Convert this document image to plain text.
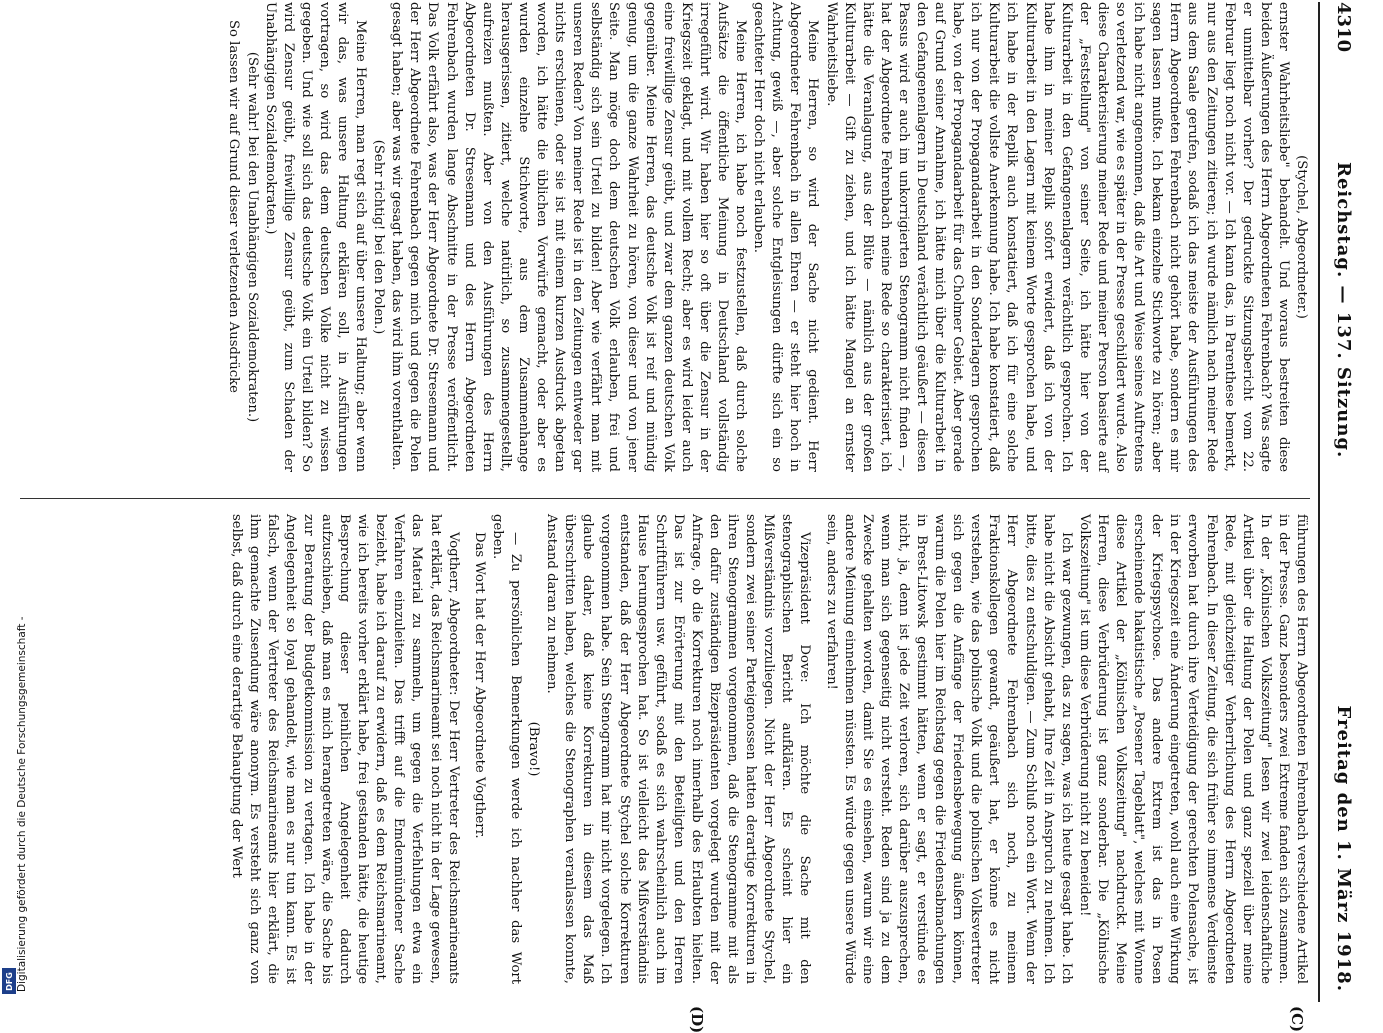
4310
Reichstag. — 137. Sitzung.
Freitag den 1. März 1918.
(C)
(D)

(Stychel, Abgeordneter.)

ernster Wahrheitsliebe" behandelt. Und woraus bestreiten diese beiden Äußerungen des Herrn Abgeordneten Fehrenbach? Was sagte er unmittelbar vorher? Der gedruckte Sitzungsbericht vom 22. Februar liegt noch nicht vor. — Ich kann das, in Parenthese bemerkt, nur aus den Zeitungen zitieren; ich wurde nämlich nach meiner Rede aus dem Saale gerufen, sodaß ich das meiste der Ausführungen des Herrn Abgeordneten Fehrenbach nicht gehört habe, sondern es mir sagen lassen mußte. Ich bekam einzelne Stichworte zu hören; aber ich habe nicht angenommen, daß die Art und Weise seines Auftretens so verletzend war, wie es später in der Presse geschildert wurde. Also diese Charakterisierung meiner Rede und meiner Person basierte auf der „Feststellung" von seiner Seite, ich hätte hier von der Kulturarbeit in den Gefangenenlagern verächtlich gesprochen. Ich habe ihm in meiner Replik sofort erwidert, daß ich von der Kulturarbeit in den Lagern mit keinem Worte gesprochen habe, und ich habe in der Replik auch konstatiert, daß ich für eine solche Kulturarbeit die vollste Anerkennung habe. Ich habe konstatiert, daß ich nur von der Propagandaarbeit in den Sonderlagern gesprochen habe, von der Propagandaarbeit für das Cholmer Gebiet. Aber gerade auf Grund seiner Annahme, ich hätte mich über die Kulturarbeit in den Gefangenenlagern in Deutschland verächtlich geäußert — diesen Passus wird er auch im unkorrigierten Stenogramm nicht finden —, hat der Abgeordnete Fehrenbach meine Rede so charakterisiert, ich hätte die Veranlagung, aus der Blüte — nämlich aus der großen Kulturarbeit — Gift zu ziehen, und ich hätte Mangel an ernster Wahrheitsliebe.

Meine Herren, so wird der Sache nicht gedient. Herr Abgeordneter Fehrenbach in allen Ehren — er steht hier hoch in Achtung, gewiß —, aber solche Entgleisungen dürfte sich ein so geachteter Herr doch nicht erlauben.

Meine Herren, ich habe noch festzustellen, daß durch solche Aufsätze die öffentliche Meinung in Deutschland vollständig irregeführt wird. Wir haben hier so oft über die Zensur in der Kriegszeit geklagt, und mit vollem Recht; aber es wird leider auch eine freiwillige Zensur geübt, und zwar dem ganzen deutschen Volk gegenüber. Meine Herren, das deutsche Volk ist reif und mündig genug, um die ganze Wahrheit zu hören, von dieser und von jener Seite. Man möge doch dem deutschen Volk erlauben, frei und selbständig sich sein Urteil zu bilden! Aber wie verfährt man mit unseren Reden? Von meiner Rede ist in den Zeitungen entweder gar nichts erschienen, oder sie ist mit einem kurzen Ausdruck abgetan worden, ich hätte die üblichen Vorwürfe gemacht, oder aber es wurden einzelne Stichworte, aus dem Zusammenhange herausgerissen, zitiert, welche natürlich, so zusammengestellt, aufreizen mußten. Aber von den Ausführungen des Herrn Abgeordneten Dr. Stresemann und des Herrn Abgeordneten Fehrenbach wurden lange Abschnitte in der Presse veröffentlicht. Das Volk erfährt also, was der Herr Abgeordnete Dr. Stresemann und der Herr Abgeordnete Fehrenbach gegen mich und gegen die Polen gesagt haben; aber was wir gesagt haben, das wird ihm vorenthalten.

(Sehr richtig! bei den Polen.)

Meine Herren, man regt sich auf über unsere Haltung; aber wenn wir das, was unsere Haltung erklären soll, in Ausführungen vortragen, so wird das dem deutschen Volke nicht zu wissen gegeben. Und wie soll sich das deutsche Volk ein Urteil bilden? So wird Zensur geübt, freiwillige Zensur geübt, zum Schaden der Unabhängigen Sozialdemokraten.)

(Sehr wahr! bei den Unabhängigen Sozialdemokraten.)

So lassen wir auf Grund dieser verletzenden Ausdrücke

führungen des Herrn Abgeordneten Fehrenbach verschiedene Artikel in der Presse. Ganz besonders zwei Extreme fanden sich zusammen. In der „Kölnischen Volkszeitung" lesen wir zwei leidenschaftliche Artikel über die Haltung der Polen und ganz speziell über meine Rede, mit gleichzeitiger Verherrlichung des Herrn Abgeordneten Fehrenbach. In dieser Zeitung, die sich früher so immense Verdienste erworben hat durch ihre Verteidigung der gerechten Polensache, ist in der Kriegszeit eine Änderung eingetreten, wohl auch eine Wirkung der Kriegspsychose. Das andere Extrem ist das in Posen erscheinende hakatistische „Posener Tageblatt", welches mit Wonne diese Artikel der „Kölnischen Volkszeitung" nachdruckt. Meine Herren, diese Verbrüderung ist ganz sonderbar. Die „Kölnische Volkszeitung" ist um diese Verbrüderung nicht zu beneiden!

Ich war gezwungen, das zu sagen, was ich heute gesagt habe. Ich habe nicht die Absicht gehabt, Ihre Zeit in Anspruch zu nehmen. Ich bitte, dies zu entschuldigen. — Zum Schluß noch ein Wort. Wenn der Herr Abgeordnete Fehrenbach sich noch, zu meinem Fraktionskollegen gewandt, geäußert hat, er könne es nicht verstehen, wie das polnische Volk und die polnischen Volksvertreter sich gegen die Anfänge der Friedensbewegung äußern können, warum die Polen hier im Reichstag gegen die Friedensabmachungen in Brest-Litowsk gestimmt hätten, wenn er sagt, er verstünde es nicht, ja, denn ist jede Zeit verloren, sich darüber auszusprechen, wenn man sich gegenseitig nicht versteht. Reden sind ja zu dem Zwecke gehalten worden, damit Sie es einsehen, warum wir eine andere Meinung einnehmen müssten. Es würde gegen unsere Würde sein, anders zu verfahren!

Vizepräsident Dove: Ich möchte die Sache mit den stenographischen Bericht aufklären. Es scheint hier ein Mißverständnis vorzuliegen. Nicht der Herr Abgeordnete Stychel, sondern zwei seiner Parteigenossen hatten derartige Korrekturen in ihren Stenogrammen vorgenommen, daß die Stenogramme mit als den dafür zuständigen Bizepräsidenten vorgelegt wurden mit der Anfrage, ob die Korrekturen noch innerhalb des Erlaubten hielten. Das ist zur Erörterung mit den Beteiligten und den Herren Schriftführern usw. geführt, sodaß es sich wahrscheinlich auch im Hause herumgesprochen hat. So ist vielleicht das Mißverständnis entstanden, daß der Herr Abgeordnete Stychel solche Korrekturen vorgenommen habe. Sein Stenogramm hat mir nicht vorgelegen. Ich glaube daher, daß keine Korrekturen in diesem das Maß überschritten haben, welches die Stenographen veranlassen konnte, Anstand daran zu nehmen.

(Bravo!)

— Zu persönlichen Bemerkungen werde ich nachher das Wort geben.

Das Wort hat der Herr Abgeordnete Vogtherr.

Vogtherr, Abgeordneter: Der Herr Vertreter des Reichsmarineamts hat erklärt, das Reichsmarineamt sei noch nicht in der Lage gewesen, das Material zu sammeln, um gegen die Verfehlungen etwa ein Verfahren einzuleiten. Das trifft auf die Emdenmündener Sache bezieht, habe ich darauf zu erwidern, daß es dem Reichsmarineamt, wie ich bereits vorher erklärt habe, frei gestanden hätte, die heutige Besprechung dieser peinlichen Angelegenheit dadurch aufzuschieben, daß man es mich herangetreten wäre, die Sache bis zur Beratung der Budgetkommission zu vertagen. Ich habe in der Angelegenheit so loyal gehandelt, wie man es nur tun kann. Es ist falsch, wenn der Vertreter des Reichsmarineamts hier erklärt, die ihm gemachte Zusendung wäre anonym. Es versteht sich ganz von selbst, daß durch eine derartige Behauptung der Wert

Digitalisierung gefördert durch die Deutsche Forschungsgemeinschaft -
DFG
